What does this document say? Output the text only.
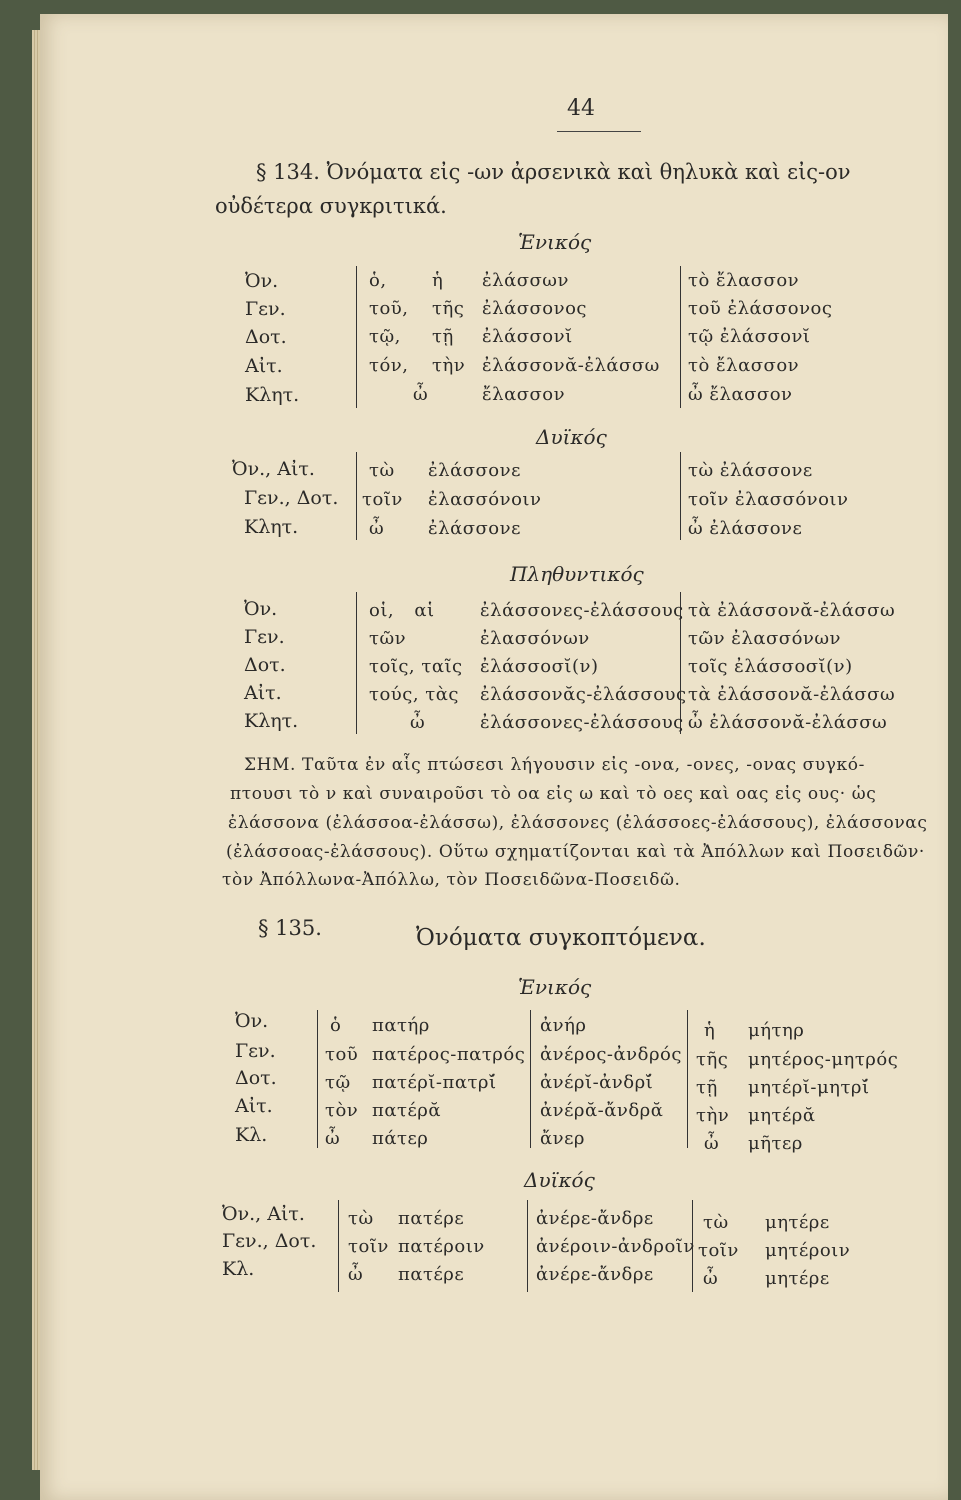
44
§ 134. Ὀνόματα εἰς -ων ἀρσενικὰ καὶ θηλυκὰ καὶ εἰς-ον
οὐδέτερα συγκριτικά.
Ἑνικός
Ὀν.
Γεν.
Δοτ.
Αἰτ.
Κλητ.
ὁ,
τοῦ,
τῷ,
τόν,
ὦ
ἡ
τῆς
τῇ
τὴν
ἐλάσσων
ἐλάσσονος
ἐλάσσονῐ
ἐλάσσονᾰ-ἐλάσσω
ἔλασσον
τὸ ἔλασσον
τοῦ ἐλάσσονος
τῷ ἐλάσσονῐ
τὸ ἔλασσον
ὦ ἔλασσον
Δυϊκός
Ὀν., Αἰτ.
Γεν., Δοτ.
Κλητ.
τὼ
τοῖν
ὦ
ἐλάσσονε
ἐλασσόνοιν
ἐλάσσονε
τὼ ἐλάσσονε
τοῖν ἐλασσόνοιν
ὦ ἐλάσσονε
Πληθυντικός
Ὀν.
Γεν.
Δοτ.
Αἰτ.
Κλητ.
οἱ, αἱ
τῶν
τοῖς, ταῖς
τούς, τὰς
ὦ
ἐλάσσονες-ἐλάσσους
ἐλασσόνων
ἐλάσσοσῐ(ν)
ἐλάσσονᾰς-ἐλάσσους
ἐλάσσονες-ἐλάσσους
τὰ ἐλάσσονᾰ-ἐλάσσω
τῶν ἐλασσόνων
τοῖς ἐλάσσοσῐ(ν)
τὰ ἐλάσσονᾰ-ἐλάσσω
ὦ ἐλάσσονᾰ-ἐλάσσω
ΣΗΜ. Ταῦτα ἐν αἷς πτώσεσι λήγουσιν εἰς -ονα, -ονες, -ονας συγκό-
πτουσι τὸ ν καὶ συναιροῦσι τὸ οα εἰς ω καὶ τὸ οες καὶ οας εἰς ους· ὡς
ἐλάσσονα (ἐλάσσοα-ἐλάσσω), ἐλάσσονες (ἐλάσσοες-ἐλάσσους), ἐλάσσονας
(ἐλάσσοας-ἐλάσσους). Οὕτω σχηματίζονται καὶ τὰ Ἀπόλλων καὶ Ποσειδῶν·
τὸν Ἀπόλλωνα-Ἀπόλλω, τὸν Ποσειδῶνα-Ποσειδῶ.
§ 135.	Ὀνόματα συγκοπτόμενα.
Ἑνικός
Ὀν.
Γεν.
Δοτ.
Αἰτ.
Κλ.
ὁ
τοῦ
τῷ
τὸν
ὦ
πατήρ
πατέρος-πατρός
πατέρῐ-πατρῐ́
πατέρᾰ
πάτερ
ἀνήρ
ἀνέρος-ἀνδρός
ἀνέρῐ-ἀνδρῐ́
ἀνέρᾰ-ἄνδρᾰ
ἄνερ
ἡ
τῆς
τῇ
τὴν
ὦ
μήτηρ
μητέρος-μητρός
μητέρῐ-μητρῐ́
μητέρᾰ
μῆτερ
Δυϊκός
Ὀν., Αἰτ.
Γεν., Δοτ.
Κλ.
τὼ
τοῖν
ὦ
πατέρε
πατέροιν
πατέρε
ἀνέρε-ἄνδρε
ἀνέροιν-ἀνδροῖν
ἀνέρε-ἄνδρε
τὼ
τοῖν
ὦ
μητέρε
μητέροιν
μητέρε
